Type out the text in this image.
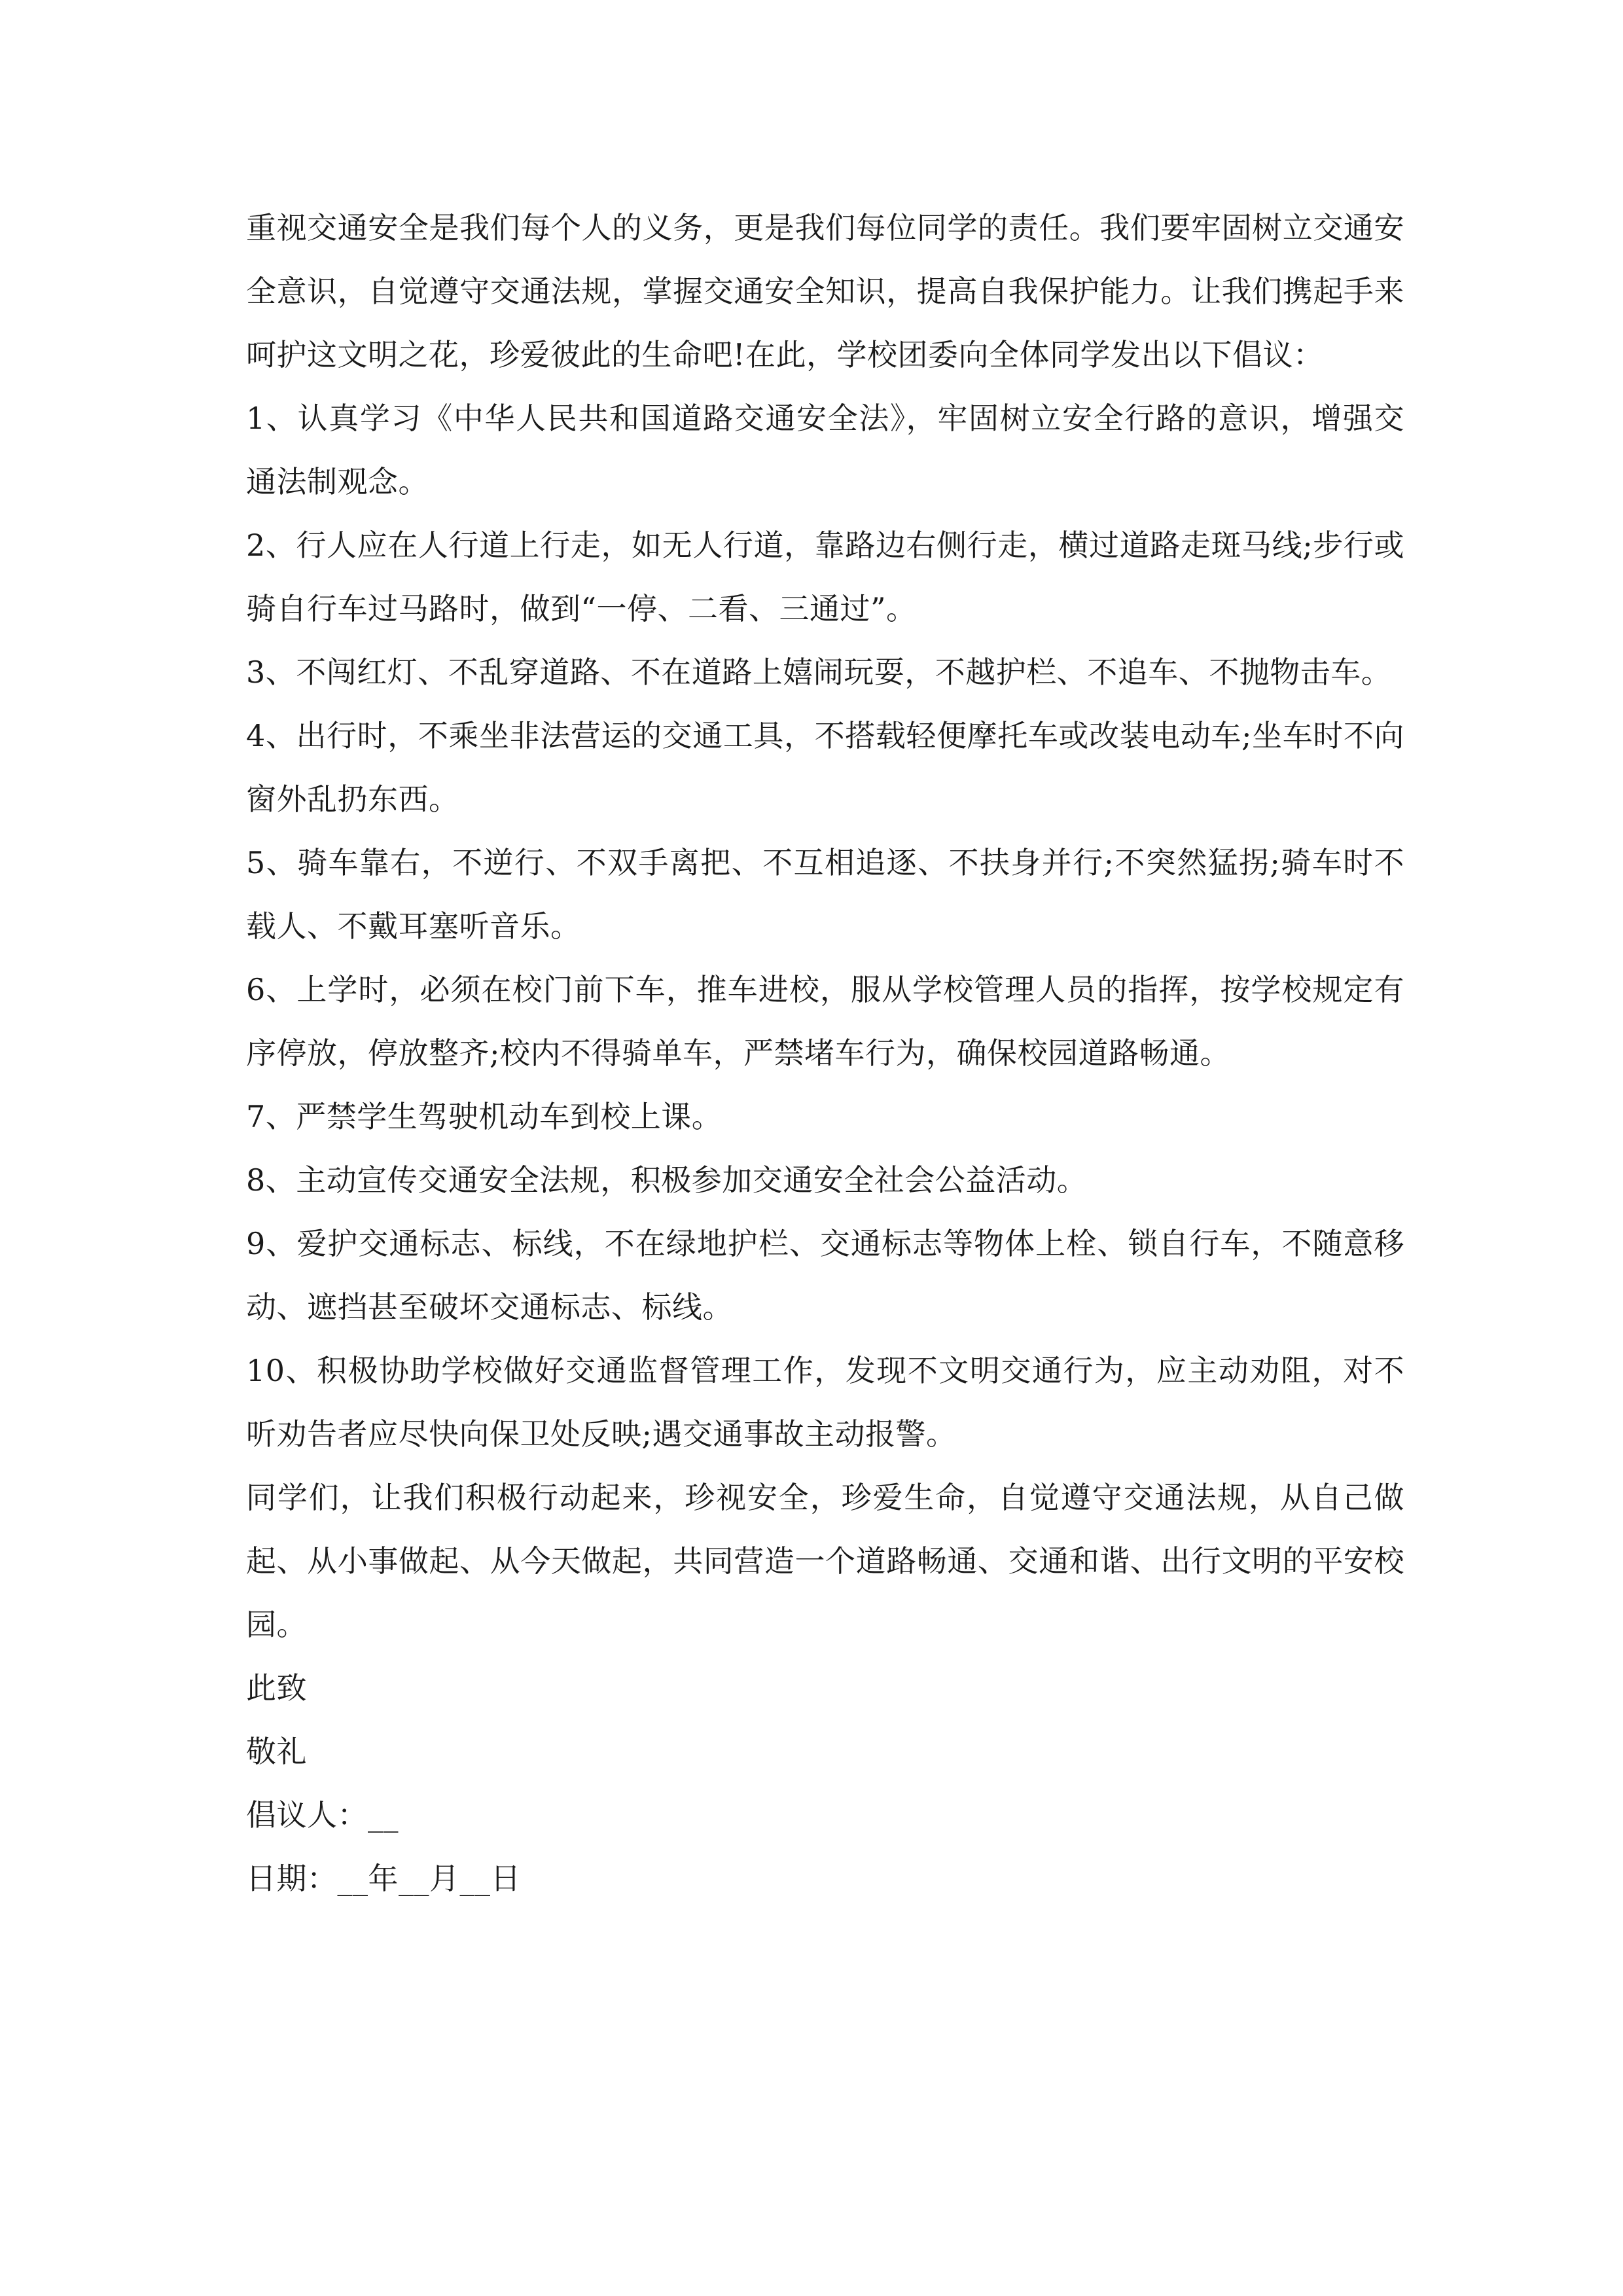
重视交通安全是我们每个人的义务，更是我们每位同学的责任。我们要牢固树立交通安全意识，自觉遵守交通法规，掌握交通安全知识，提高自我保护能力。让我们携起手来呵护这文明之花，珍爱彼此的生命吧!在此，学校团委向全体同学发出以下倡议：

1、认真学习《中华人民共和国道路交通安全法》，牢固树立安全行路的意识，增强交通法制观念。

2、行人应在人行道上行走，如无人行道，靠路边右侧行走，横过道路走斑马线;步行或骑自行车过马路时，做到“一停、二看、三通过”。

3、不闯红灯、不乱穿道路、不在道路上嬉闹玩耍，不越护栏、不追车、不抛物击车。

4、出行时，不乘坐非法营运的交通工具，不搭载轻便摩托车或改装电动车;坐车时不向窗外乱扔东西。

5、骑车靠右，不逆行、不双手离把、不互相追逐、不扶身并行;不突然猛拐;骑车时不载人、不戴耳塞听音乐。

6、上学时，必须在校门前下车，推车进校，服从学校管理人员的指挥，按学校规定有序停放，停放整齐;校内不得骑单车，严禁堵车行为，确保校园道路畅通。

7、严禁学生驾驶机动车到校上课。

8、主动宣传交通安全法规，积极参加交通安全社会公益活动。

9、爱护交通标志、标线，不在绿地护栏、交通标志等物体上栓、锁自行车，不随意移动、遮挡甚至破坏交通标志、标线。

10、积极协助学校做好交通监督管理工作，发现不文明交通行为，应主动劝阻，对不听劝告者应尽快向保卫处反映;遇交通事故主动报警。

同学们，让我们积极行动起来，珍视安全，珍爱生命，自觉遵守交通法规，从自己做起、从小事做起、从今天做起，共同营造一个道路畅通、交通和谐、出行文明的平安校园。

此致

敬礼

倡议人：__

日期：__年__月__日
